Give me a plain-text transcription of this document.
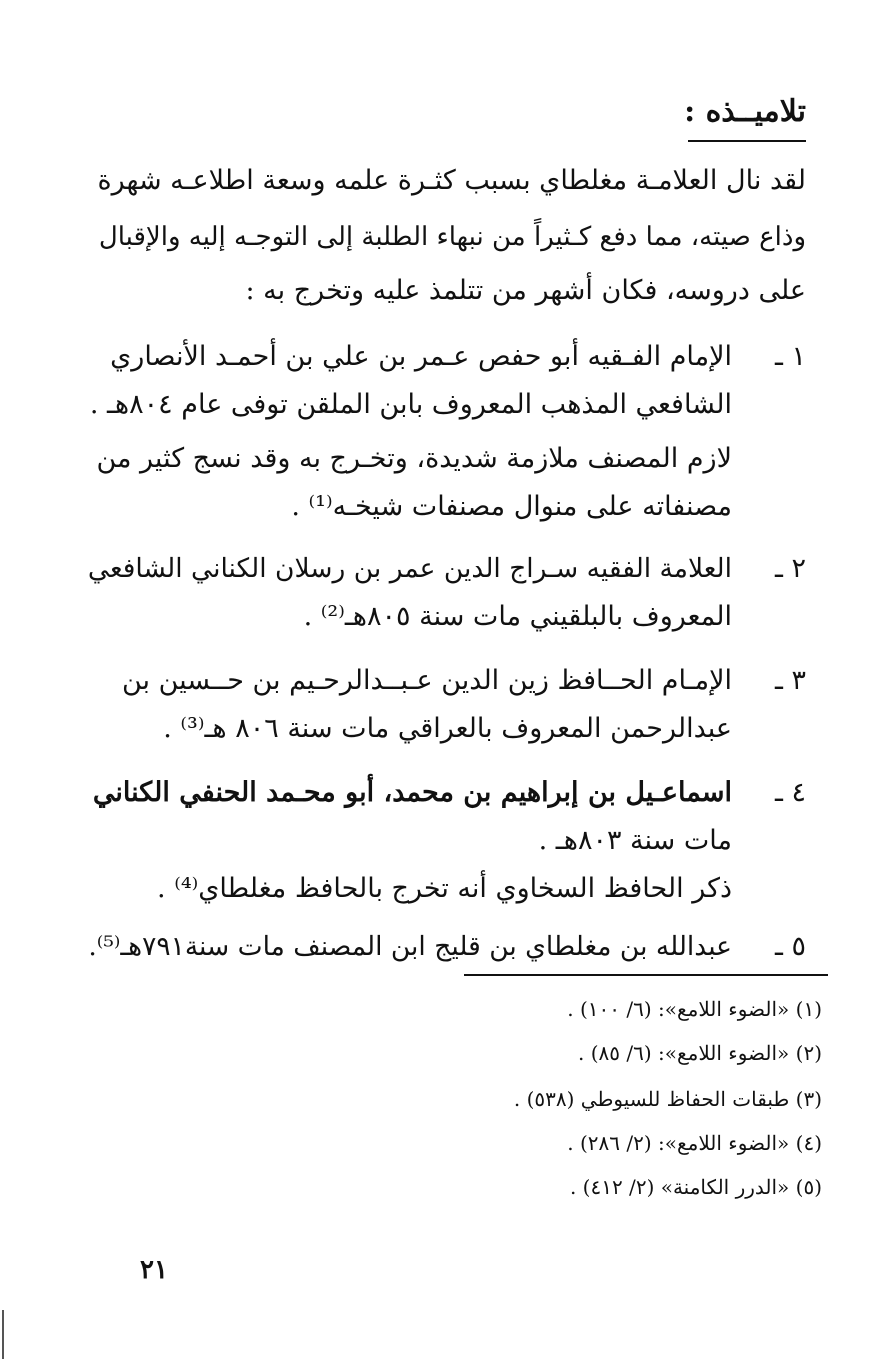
تلاميــذه :
لقد نال العلامـة مغلطاي بسبب كثـرة علمه وسعة اطلاعـه شهرة
وذاع صيته، مما دفع كـثيراً من نبهاء الطلبة إلى التوجـه إليه والإقبال
على دروسه، فكان أشهر من تتلمذ عليه وتخرج به :
١ ـ
الإمام الفـقيه أبو حفص عـمر بن علي بن أحمـد الأنصاري
الشافعي المذهب المعروف بابن الملقن توفى عام ٨٠٤هـ .
لازم المصنف ملازمة شديدة، وتخـرج به وقد نسج كثير من
مصنفاته على منوال مصنفات شيخـه⁽¹⁾ .
٢ ـ
العلامة الفقيه سـراج الدين عمر بن رسلان الكناني الشافعي
المعروف بالبلقيني مات سنة ٨٠٥هـ⁽²⁾ .
٣ ـ
الإمـام الحــافظ زين الدين عـبــدالرحـيم بن حــسين بن
عبدالرحمن المعروف بالعراقي مات سنة ٨٠٦ هـ⁽³⁾ .
٤ ـ
اسماعـيل بن إبراهيم بن محمد، أبو محـمد الحنفي الكناني
مات سنة ٨٠٣هـ .
ذكر الحافظ السخاوي أنه تخرج بالحافظ مغلطاي⁽⁴⁾ .
٥ ـ
عبدالله بن مغلطاي بن قليج ابن المصنف مات سنة٧٩١هـ⁽⁵⁾.
(١) «الضوء اللامع»: (٦/ ١٠٠) .
(٢) «الضوء اللامع»: (٦/ ٨٥) .
(٣) طبقات الحفاظ للسيوطي (٥٣٨) .
(٤) «الضوء اللامع»: (٢/ ٢٨٦) .
(٥) «الدرر الكامنة» (٢/ ٤١٢) .
٢١
